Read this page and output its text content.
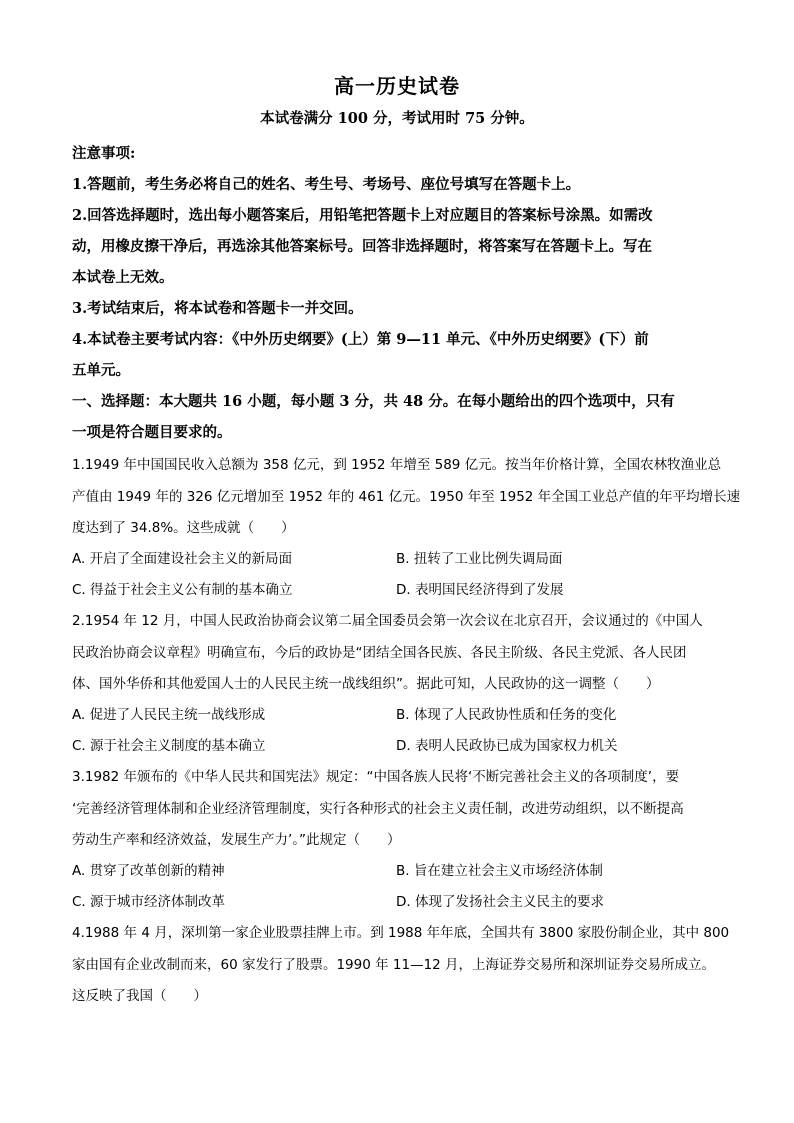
高一历史试卷
本试卷满分 100 分，考试用时 75 分钟。
注意事项:
1.答题前，考生务必将自己的姓名、考生号、考场号、座位号填写在答题卡上。
2.回答选择题时，选出每小题答案后，用铅笔把答题卡上对应题目的答案标号涂黑。如需改
动，用橡皮擦干净后，再选涂其他答案标号。回答非选择题时，将答案写在答题卡上。写在
本试卷上无效。
3.考试结束后，将本试卷和答题卡一并交回。
4.本试卷主要考试内容：《中外历史纲要》(上）第 9—11 单元、《中外历史纲要》(下）前
五单元。
一、选择题：本大题共 16 小题，每小题 3 分，共 48 分。在每小题给出的四个选项中，只有
一项是符合题目要求的。
1.1949 年中国国民收入总额为 358 亿元，到 1952 年增至 589 亿元。按当年价格计算，全国农林牧渔业总
产值由 1949 年的 326 亿元增加至 1952 年的 461 亿元。1950 年至 1952 年全国工业总产值的年平均增长速
度达到了 34.8%。这些成就（　　）
A. 开启了全面建设社会主义的新局面	B. 扭转了工业比例失调局面
C. 得益于社会主义公有制的基本确立	D. 表明国民经济得到了发展
2.1954 年 12 月，中国人民政治协商会议第二届全国委员会第一次会议在北京召开，会议通过的《中国人
民政治协商会议章程》明确宣布，今后的政协是“团结全国各民族、各民主阶级、各民主党派、各人民团
体、国外华侨和其他爱国人士的人民民主统一战线组织”。据此可知，人民政协的这一调整（　　）
A. 促进了人民民主统一战线形成	B. 体现了人民政协性质和任务的变化
C. 源于社会主义制度的基本确立	D. 表明人民政协已成为国家权力机关
3.1982 年颁布的《中华人民共和国宪法》规定：“中国各族人民将‘不断完善社会主义的各项制度’，要
‘完善经济管理体制和企业经济管理制度，实行各种形式的社会主义责任制，改进劳动组织，以不断提高
劳动生产率和经济效益，发展生产力’。”此规定（　　）
A. 贯穿了改革创新的精神	B. 旨在建立社会主义市场经济体制
C. 源于城市经济体制改革	D. 体现了发扬社会主义民主的要求
4.1988 年 4 月，深圳第一家企业股票挂牌上市。到 1988 年年底，全国共有 3800 家股份制企业，其中 800
家由国有企业改制而来，60 家发行了股票。1990 年 11—12 月，上海证券交易所和深圳证券交易所成立。
这反映了我国（　　）
